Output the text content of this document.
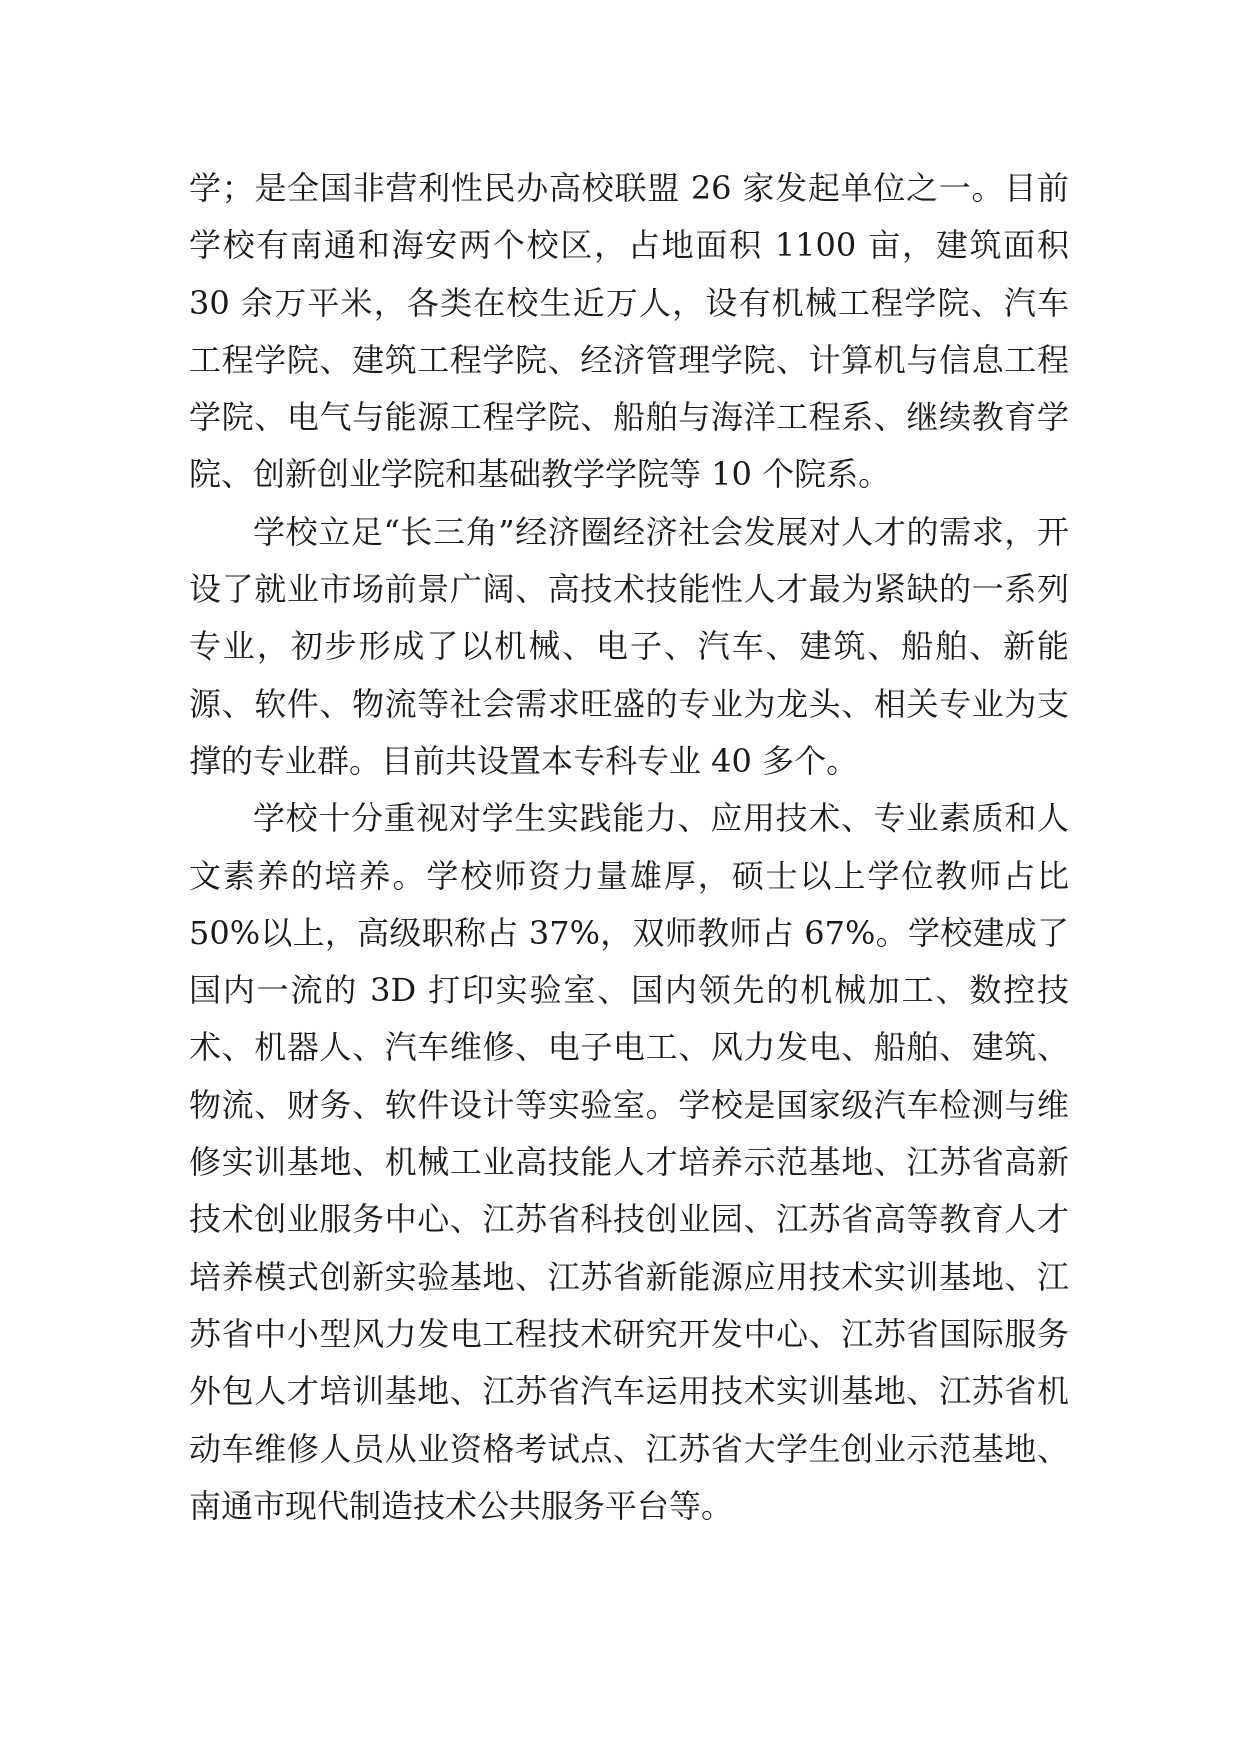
学；是全国非营利性民办高校联盟 26 家发起单位之一。目前学校有南通和海安两个校区，占地面积 1100 亩，建筑面积 30 余万平米，各类在校生近万人，设有机械工程学院、汽车工程学院、建筑工程学院、经济管理学院、计算机与信息工程学院、电气与能源工程学院、船舶与海洋工程系、继续教育学院、创新创业学院和基础教学学院等 10 个院系。

学校立足“长三角”经济圈经济社会发展对人才的需求，开设了就业市场前景广阔、高技术技能性人才最为紧缺的一系列专业，初步形成了以机械、电子、汽车、建筑、船舶、新能源、软件、物流等社会需求旺盛的专业为龙头、相关专业为支撑的专业群。目前共设置本专科专业 40 多个。

学校十分重视对学生实践能力、应用技术、专业素质和人文素养的培养。学校师资力量雄厚，硕士以上学位教师占比 50%以上，高级职称占 37%，双师教师占 67%。学校建成了国内一流的 3D 打印实验室、国内领先的机械加工、数控技术、机器人、汽车维修、电子电工、风力发电、船舶、建筑、物流、财务、软件设计等实验室。学校是国家级汽车检测与维修实训基地、机械工业高技能人才培养示范基地、江苏省高新技术创业服务中心、江苏省科技创业园、江苏省高等教育人才培养模式创新实验基地、江苏省新能源应用技术实训基地、江苏省中小型风力发电工程技术研究开发中心、江苏省国际服务外包人才培训基地、江苏省汽车运用技术实训基地、江苏省机动车维修人员从业资格考试点、江苏省大学生创业示范基地、南通市现代制造技术公共服务平台等。
